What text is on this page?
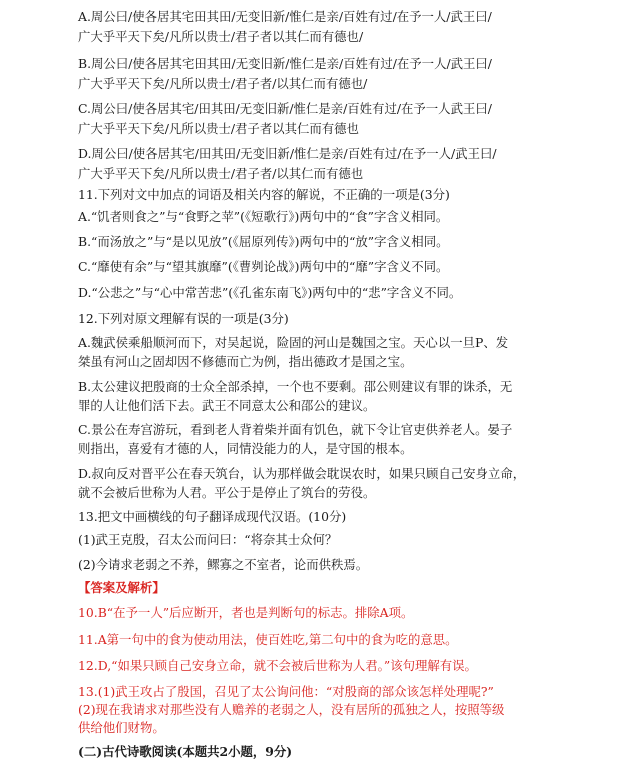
A.周公曰/使各居其宅田其田/无变旧新/惟仁是亲/百姓有过/在予一人/武王曰/
广大乎平天下矣/凡所以贵士/君子者以其仁而有德也/
B.周公曰/使各居其宅田其田/无变旧新/惟仁是亲/百姓有过/在予一人/武王曰/
广大乎平天下矣/凡所以贵士/君子者/以其仁而有德也/
C.周公曰/使各居其宅/田其田/无变旧新/惟仁是亲/百姓有过/在予一人武王曰/
广大乎平天下矣/凡所以贵士/君子者以其仁而有德也
D.周公曰/使各居其宅/田其田/无变旧新/惟仁是亲/百姓有过/在予一人/武王曰/
广大乎平天下矣/凡所以贵士/君子者/以其仁而有德也
11.下列对文中加点的词语及相关内容的解说，不正确的一项是(3分)
A.“饥者则食之”与“食野之苹”(《短歌行》)两句中的“食”字含义相同。
B.“而汤放之”与“是以见放”(《屈原列传》)两句中的“放”字含义相同。
C.“靡使有余”与“望其旗靡”(《曹刿论战》)两句中的“靡”字含义不同。
D.“公悲之”与“心中常苦悲”(《孔雀东南飞》)两句中的“悲”字含义不同。
12.下列对原文理解有误的一项是(3分)
A.魏武侯乘船顺河而下，对吴起说，险固的河山是魏国之宝。天心以一旦P、发
桀虽有河山之固却因不修德而亡为例，指出德政才是国之宝。
B.太公建议把殷商的士众全部杀掉，一个也不要剩。邵公则建议有罪的诛杀，无
罪的人让他们活下去。武王不同意太公和邵公的建议。
C.景公在寿宫游玩，看到老人背着柴并面有饥色，就下令让官吏供养老人。晏子
则指出，喜爱有才德的人，同情没能力的人，是守国的根本。
D.叔向反对晋平公在春天筑台，认为那样做会耽误农时，如果只顾自己安身立命，
就不会被后世称为人君。平公于是停止了筑台的劳役。
13.把文中画横线的句子翻译成现代汉语。(10分)
(1)武王克殷，召太公而问曰：“将奈其士众何？
(2)今请求老弱之不养，鳏寡之不室者，论而供秩焉。
【答案及解析】
10.B“在予一人”后应断开，者也是判断句的标志。排除A项。
11.A第一句中的食为使动用法，使百姓吃,第二句中的食为吃的意思。
12.D,“如果只顾自己安身立命，就不会被后世称为人君。”该句理解有误。
13.(1)武王攻占了殷国，召见了太公询问他：“对殷商的部众该怎样处理呢?”
(2)现在我请求对那些没有人赡养的老弱之人，没有居所的孤独之人，按照等级
供给他们财物。
(二)古代诗歌阅读(本题共2小题，9分)
